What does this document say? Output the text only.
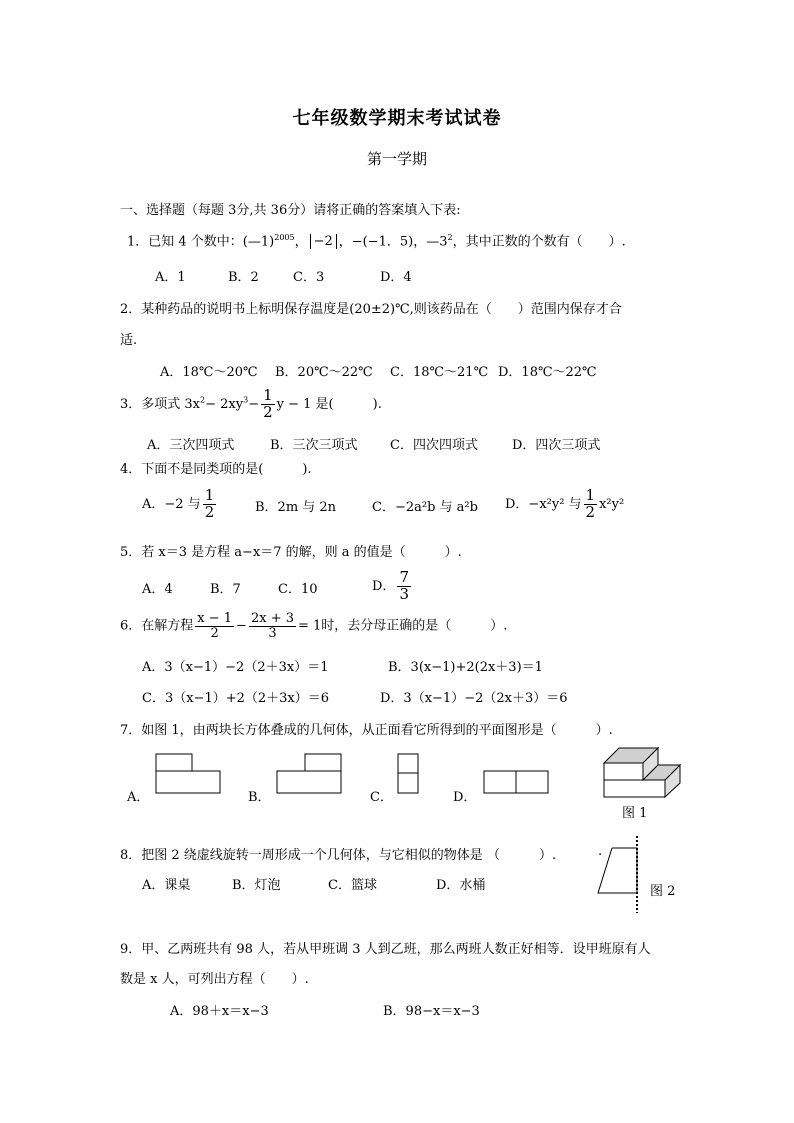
七年级数学期末考试试卷
第一学期
一、选择题（每题 3分,共 36分）请将正确的答案填入下表:
1．已知 4 个数中：(—1)$^{2005}$， −2 ，−(−1．5)，$—3^2$，其中正数的个数有（　　）.
A．1	B．2	C．3	D．4
2．某种药品的说明书上标明保存温度是(20±2)℃,则该药品在（　　）范围内保存才合
适.
A．18℃～20℃ B．20℃～22℃ C．18℃～21℃ D．18℃～22℃
3．多项式 $3x^2- 2xy^3- \frac{1}{2}$ y − 1 是(　　　).
A．三次四项式	B．三次三项式 C．四次四项式	D．四次三项式
4．下面不是同类项的是(　　　).
A．−2 与 $\frac{1}{2}$	B．2m 与 2n	C．−2a²b 与 a²b D．−x²y² 与 $\frac{1}{2} x^2y^2$
5．若 x＝3 是方程 a−x＝7 的解，则 a 的值是（　　　）.
A．4	B．7	C．10	D． $\frac{7}{3}$
6．在解方程 $\frac{x - 1}{2} - \frac{2x + 3}{3} = 1$时，去分母正确的是（　　　）.
A．3（x−1）−2（2＋3x）＝1	B．3(x−1)+2(2x＋3)＝1
C．3（x−1）+2（2＋3x）＝6	D．3（x−1）−2（2x＋3）＝6
7．如图 1，由两块长方体叠成的几何体，从正面看它所得到的平面图形是（　　　）.
A．	B．	C．	D．
图 1
8．把图 2 绕虚线旋转一周形成一个几何体，与它相似的物体是 （　　　）.	.
A．课桌	B．灯泡	C．篮球	D．水桶	图 2
9．甲、乙两班共有 98 人，若从甲班调 3 人到乙班，那么两班人数正好相等．设甲班原有人
数是 x 人，可列出方程（　　）.
A．98＋x＝x−3	B．98−x＝x−3
